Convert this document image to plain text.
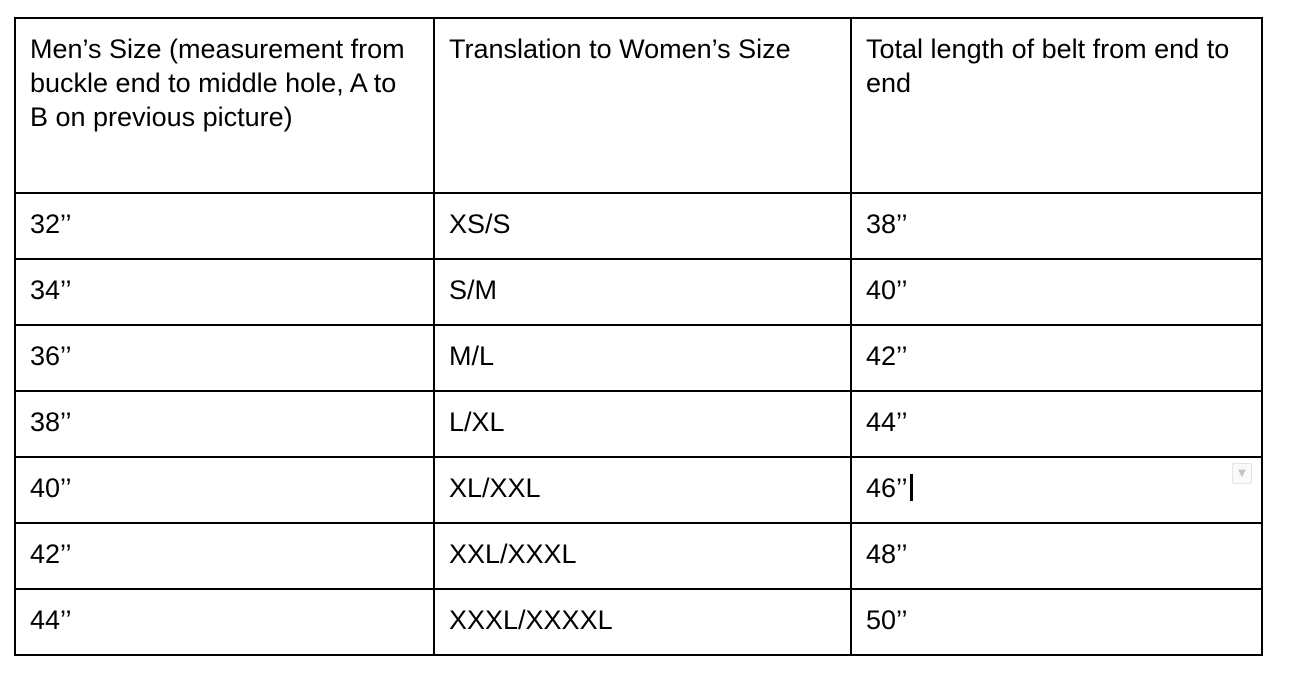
Men’s Size (measurement from buckle end to middle hole, A to B on previous picture)	Translation to Women’s Size	Total length of belt from end to end
32’’	XS/S	38’’
34’’	S/M	40’’
36’’	M/L	42’’
38’’	L/XL	44’’
40’’	XL/XXL	46’’
42’’	XXL/XXXL	48’’
44’’	XXXL/XXXXL	50’’
▼
